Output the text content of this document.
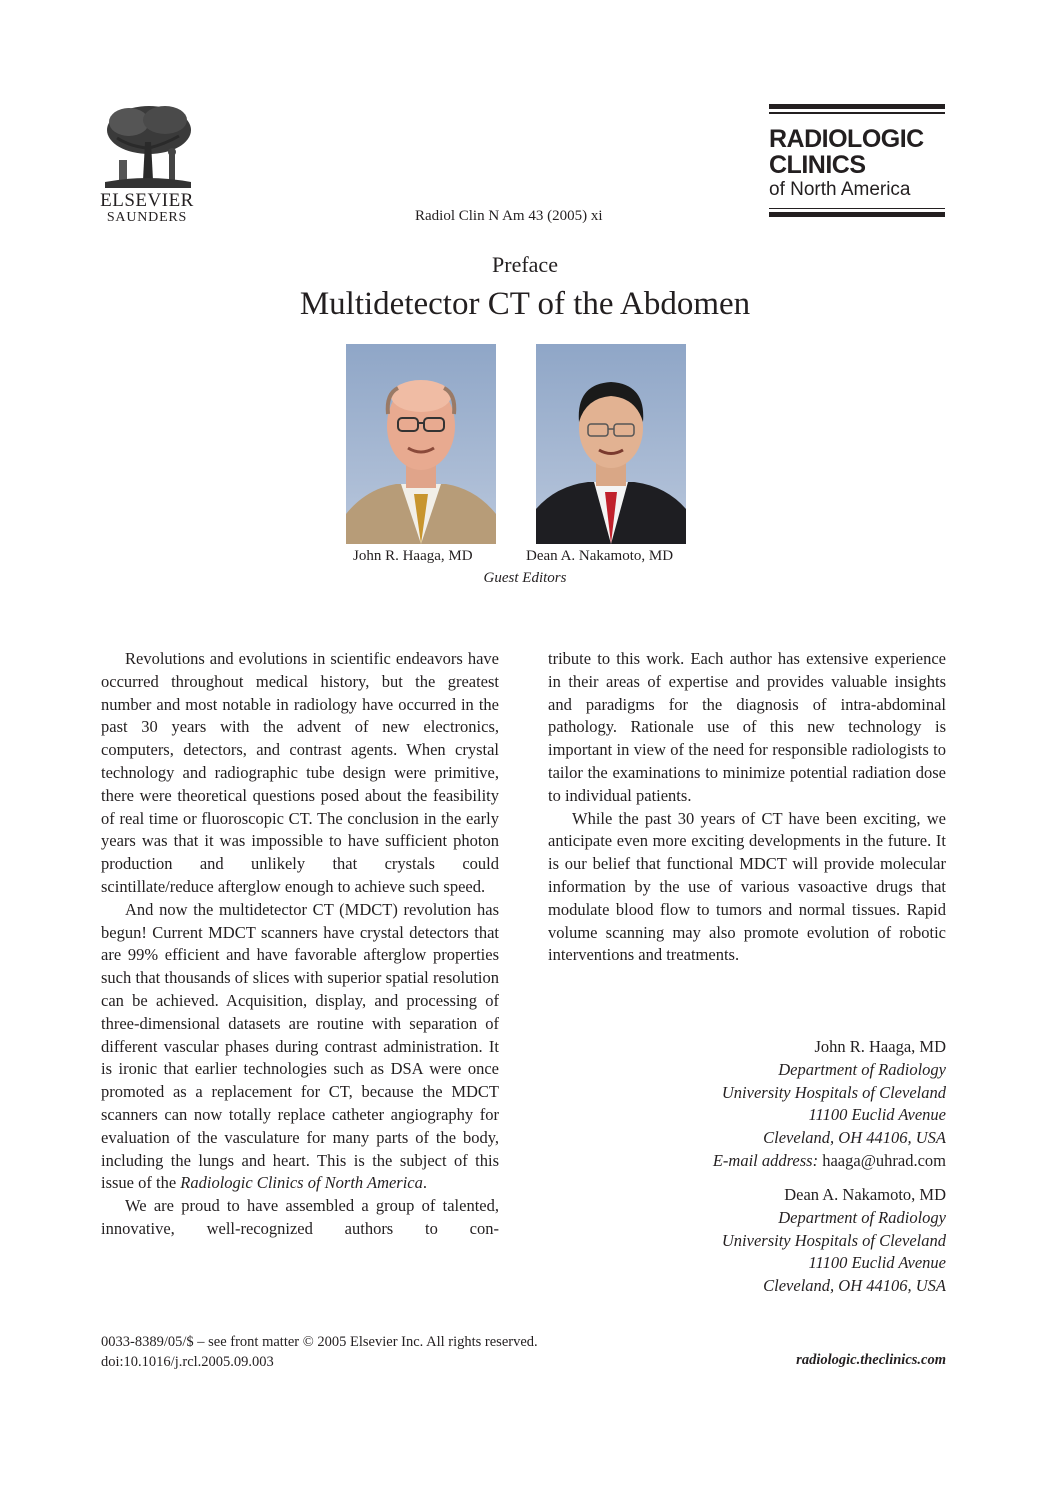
ELSEVIER
SAUNDERS	Radiol Clin N Am 43 (2005) xi
RADIOLOGIC
CLINICS
of North America
Preface
Multidetector CT of the Abdomen
John R. Haaga, MD	Dean A. Nakamoto, MD
Guest Editors

Revolutions and evolutions in scientific endeavors have occurred throughout medical history, but the greatest number and most notable in radiology have occurred in the past 30 years with the advent of new electronics, computers, detectors, and contrast agents. When crystal technology and radiographic tube design were primitive, there were theoretical questions posed about the feasibility of real time or fluoroscopic CT. The conclusion in the early years was that it was impossible to have sufficient photon production and unlikely that crystals could scintillate/reduce afterglow enough to achieve such speed.

And now the multidetector CT (MDCT) revolution has begun! Current MDCT scanners have crystal detectors that are 99% efficient and have favorable afterglow properties such that thousands of slices with superior spatial resolution can be achieved. Acquisition, display, and processing of three-dimensional datasets are routine with separation of different vascular phases during contrast administration. It is ironic that earlier technologies such as DSA were once promoted as a replacement for CT, because the MDCT scanners can now totally replace catheter angiography for evaluation of the vasculature for many parts of the body, including the lungs and heart. This is the subject of this issue of the Radiologic Clinics of North America.

We are proud to have assembled a group of talented, innovative, well-recognized authors to con-

tribute to this work. Each author has extensive experience in their areas of expertise and provides valuable insights and paradigms for the diagnosis of intra-abdominal pathology. Rationale use of this new technology is important in view of the need for responsible radiologists to tailor the examinations to minimize potential radiation dose to individual patients.

While the past 30 years of CT have been exciting, we anticipate even more exciting developments in the future. It is our belief that functional MDCT will provide molecular information by the use of various vasoactive drugs that modulate blood flow to tumors and normal tissues. Rapid volume scanning may also promote evolution of robotic interventions and treatments.

John R. Haaga, MD
Department of Radiology
University Hospitals of Cleveland
11100 Euclid Avenue
Cleveland, OH 44106, USA
E-mail address: haaga@uhrad.com
Dean A. Nakamoto, MD
Department of Radiology
University Hospitals of Cleveland
11100 Euclid Avenue
Cleveland, OH 44106, USA
0033-8389/05/$ – see front matter © 2005 Elsevier Inc. All rights reserved.
doi:10.1016/j.rcl.2005.09.003	radiologic.theclinics.com
